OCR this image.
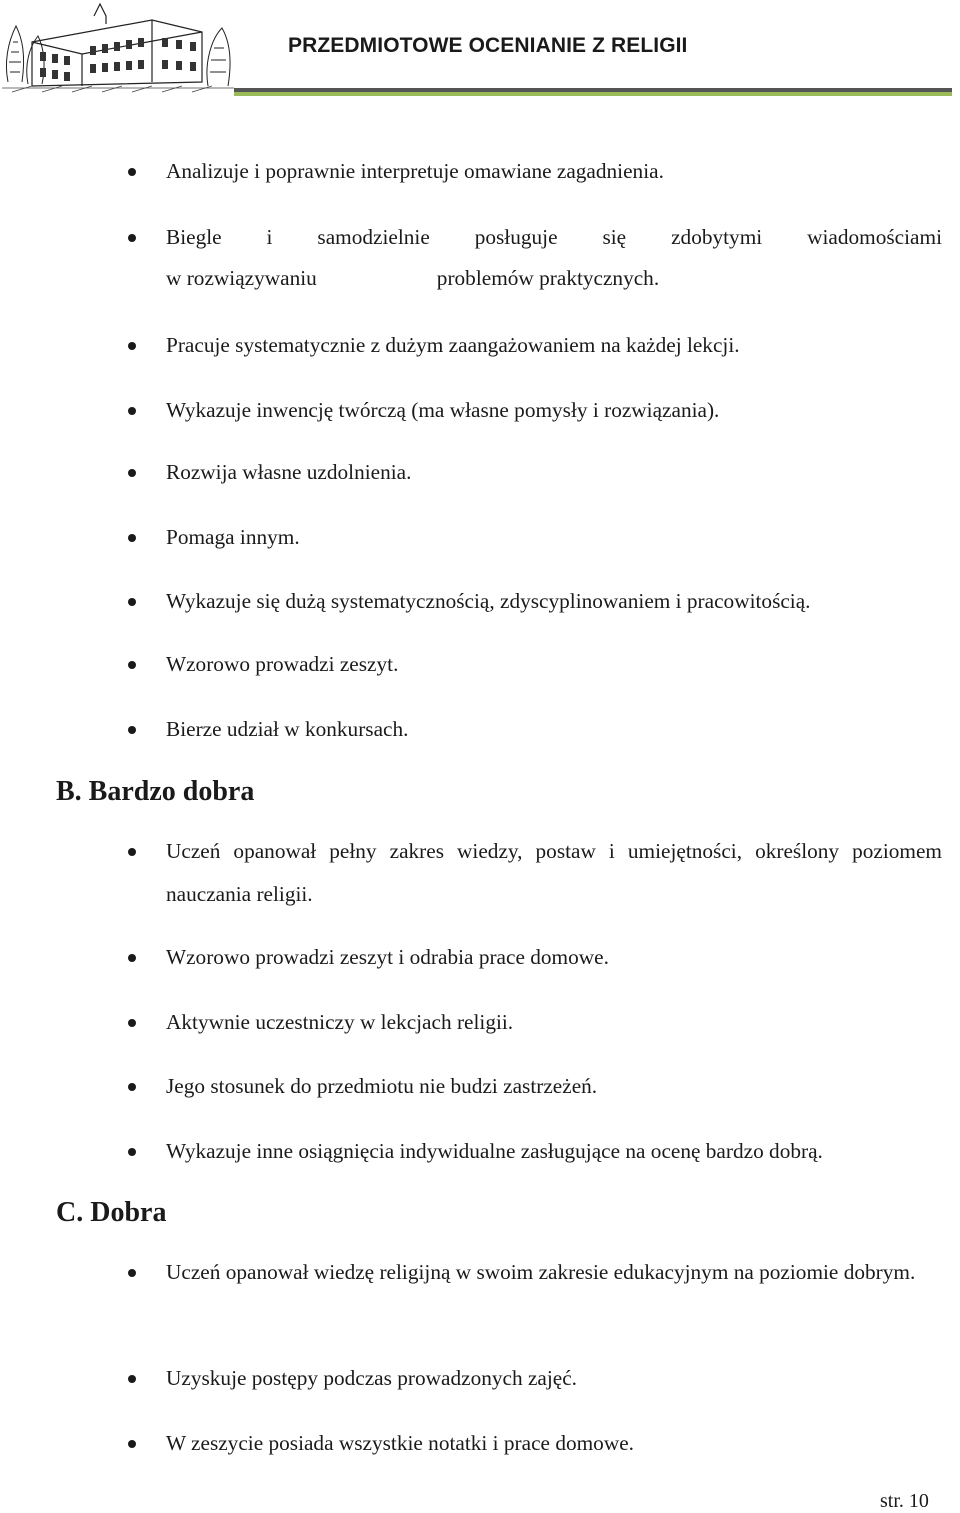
PRZEDMIOTOWE OCENIANIE Z RELIGII
Analizuje i poprawnie interpretuje omawiane zagadnienia.
Biegle i samodzielnie posługuje się zdobytymi wiadomościami
w rozwiązywaniu	problemów praktycznych.
Pracuje systematycznie z dużym zaangażowaniem na każdej lekcji.
Wykazuje inwencję twórczą (ma własne pomysły i rozwiązania).
Rozwija własne uzdolnienia.
Pomaga innym.
Wykazuje się dużą systematycznością, zdyscyplinowaniem i pracowitością.
Wzorowo prowadzi zeszyt.
Bierze udział w konkursach.
B. Bardzo dobra
Uczeń opanował pełny zakres wiedzy, postaw i umiejętności, określony poziomem nauczania religii.
Wzorowo prowadzi zeszyt i odrabia prace domowe.
Aktywnie uczestniczy w lekcjach religii.
Jego stosunek do przedmiotu nie budzi zastrzeżeń.
Wykazuje inne osiągnięcia indywidualne zasługujące na ocenę bardzo dobrą.
C. Dobra
Uczeń opanował wiedzę religijną w swoim zakresie edukacyjnym na poziomie dobrym.
Uzyskuje postępy podczas prowadzonych zajęć.
W zeszycie posiada wszystkie notatki i prace domowe.
str. 10
